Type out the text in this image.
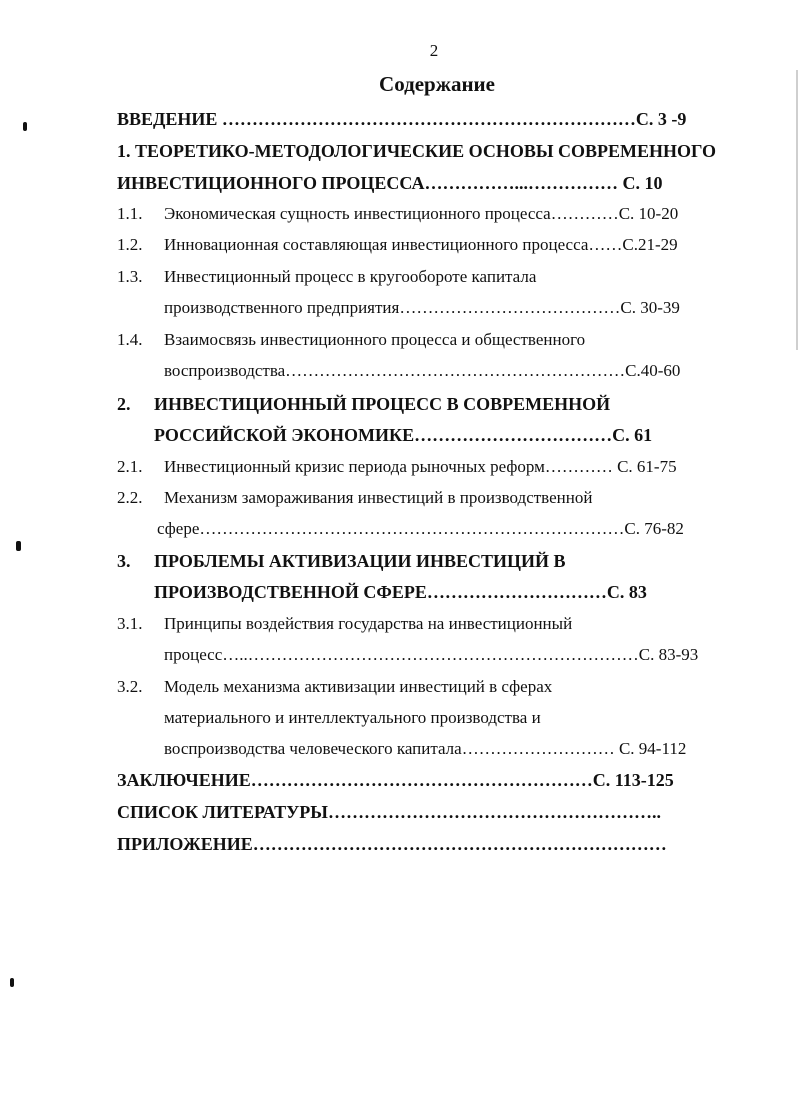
2
Содержание
ВВЕДЕНИЕ ……………………………………………………………С. 3 -9
1. ТЕОРЕТИКО-МЕТОДОЛОГИЧЕСКИЕ ОСНОВЫ СОВРЕМЕННОГО
ИНВЕСТИЦИОННОГО ПРОЦЕССА……………...…………… С. 10
1.1. Экономическая сущность инвестиционного процесса…………С. 10-20
1.2. Инновационная составляющая инвестиционного процесса……С.21-29
1.3. Инвестиционный процесс в кругообороте капитала
производственного предприятия…………………………………С. 30-39
1.4. Взаимосвязь инвестиционного процесса и общественного
воспроизводства……………………………………………………С.40-60
2. ИНВЕСТИЦИОННЫЙ ПРОЦЕСС В СОВРЕМЕННОЙ
РОССИЙСКОЙ ЭКОНОМИКЕ……………………………С. 61
2.1. Инвестиционный кризис периода рыночных реформ………… С. 61-75
2.2. Механизм замораживания инвестиций в производственной
сфере…………………………………………………………………С. 76-82
3. ПРОБЛЕМЫ АКТИВИЗАЦИИ ИНВЕСТИЦИЙ В
ПРОИЗВОДСТВЕННОЙ СФЕРЕ…………………………С. 83
3.1. Принципы воздействия государства на инвестиционный
процесс…..……………………………………………………………С. 83-93
3.2. Модель механизма активизации инвестиций в сферах
материального и интеллектуального производства и
воспроизводства человеческого капитала……………………… С. 94-112
ЗАКЛЮЧЕНИЕ…………………………………………………С. 113-125
СПИСОК ЛИТЕРАТУРЫ………………………………………………..
ПРИЛОЖЕНИЕ……………………………………………………………
